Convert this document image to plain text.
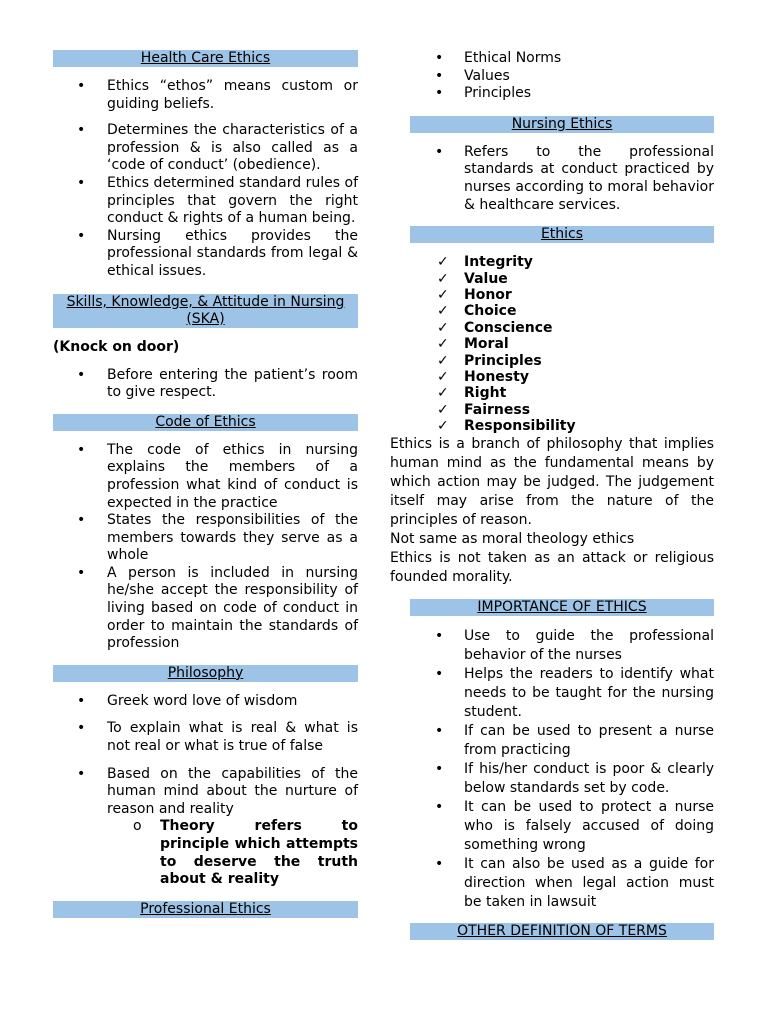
Health Care Ethics
• Ethics “ethos” means custom or guiding beliefs.
• Determines the characteristics of a profession & is also called as a ‘code of conduct’ (obedience).
• Ethics determined standard rules of principles that govern the right conduct & rights of a human being.
• Nursing ethics provides the professional standards from legal & ethical issues.
Skills, Knowledge, & Attitude in Nursing (SKA)
(Knock on door)
• Before entering the patient’s room to give respect.
Code of Ethics
• The code of ethics in nursing explains the members of a profession what kind of conduct is expected in the practice
• States the responsibilities of the members towards they serve as a whole
• A person is included in nursing he/she accept the responsibility of living based on code of conduct in order to maintain the standards of profession
Philosophy
• Greek word love of wisdom
• To explain what is real & what is not real or what is true of false
• Based on the capabilities of the human mind about the nurture of reason and reality
o Theory refers to principle which attempts to deserve the truth about & reality
Professional Ethics
• Ethical Norms
• Values
• Principles
Nursing Ethics
• Refers to the professional standards at conduct practiced by nurses according to moral behavior & healthcare services.
Ethics
✓ Integrity
✓ Value
✓ Honor
✓ Choice
✓ Conscience
✓ Moral
✓ Principles
✓ Honesty
✓ Right
✓ Fairness
✓ Responsibility

Ethics is a branch of philosophy that implies human mind as the fundamental means by which action may be judged. The judgement itself may arise from the nature of the principles of reason.

Not same as moral theology ethics

Ethics is not taken as an attack or religious founded morality.

IMPORTANCE OF ETHICS
• Use to guide the professional behavior of the nurses
• Helps the readers to identify what needs to be taught for the nursing student.
• If can be used to present a nurse from practicing
• If his/her conduct is poor & clearly below standards set by code.
• It can be used to protect a nurse who is falsely accused of doing something wrong
• It can also be used as a guide for direction when legal action must be taken in lawsuit
OTHER DEFINITION OF TERMS
